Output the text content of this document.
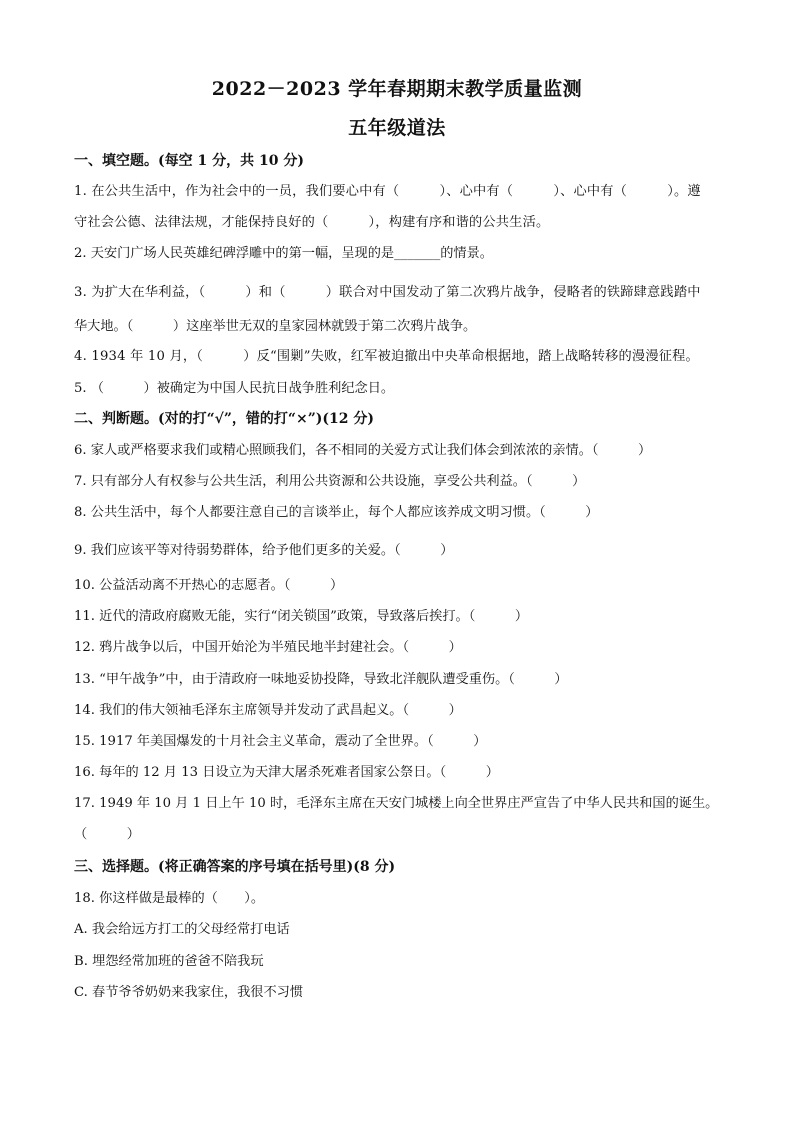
2022－2023 学年春期期末教学质量监测
五年级道法
一、填空题。(每空 1 分，共 10 分)
1. 在公共生活中，作为社会中的一员，我们要心中有（　　　）、心中有（　　　）、心中有（　　　）。遵
守社会公德、法律法规，才能保持良好的（　　　），构建有序和谐的公共生活。
2. 天安门广场人民英雄纪碑浮雕中的第一幅，呈现的是_______的情景。
3. 为扩大在华利益，（　　　）和（　　　）联合对中国发动了第二次鸦片战争，侵略者的铁蹄肆意践踏中
华大地。（　　　）这座举世无双的皇家园林就毁于第二次鸦片战争。
4. 1934 年 10 月，（　　　）反“围剿”失败，红军被迫撤出中央革命根据地，踏上战略转移的漫漫征程。
5. （　　　）被确定为中国人民抗日战争胜利纪念日。
二、判断题。(对的打“√”，错的打“×”)(12 分)
6. 家人或严格要求我们或精心照顾我们，各不相同的关爱方式让我们体会到浓浓的亲情。（　　　）
7. 只有部分人有权参与公共生活，利用公共资源和公共设施，享受公共利益。（　　　）
8. 公共生活中，每个人都要注意自己的言谈举止，每个人都应该养成文明习惯。（　　　）
9. 我们应该平等对待弱势群体，给予他们更多的关爱。（　　　）
10. 公益活动离不开热心的志愿者。（　　　）
11. 近代的清政府腐败无能，实行“闭关锁国”政策，导致落后挨打。（　　　）
12. 鸦片战争以后，中国开始沦为半殖民地半封建社会。（　　　）
13. “甲午战争”中，由于清政府一味地妥协投降，导致北洋舰队遭受重伤。（　　　）
14. 我们的伟大领袖毛泽东主席领导并发动了武昌起义。（　　　）
15. 1917 年美国爆发的十月社会主义革命，震动了全世界。（　　　）
16. 每年的 12 月 13 日设立为天津大屠杀死难者国家公祭日。（　　　）
17. 1949 年 10 月 1 日上午 10 时，毛泽东主席在天安门城楼上向全世界庄严宣告了中华人民共和国的诞生。
（　　　）
三、选择题。(将正确答案的序号填在括号里)(8 分)
18. 你这样做是最棒的（　　）。
A. 我会给远方打工的父母经常打电话
B. 埋怨经常加班的爸爸不陪我玩
C. 春节爷爷奶奶来我家住，我很不习惯
